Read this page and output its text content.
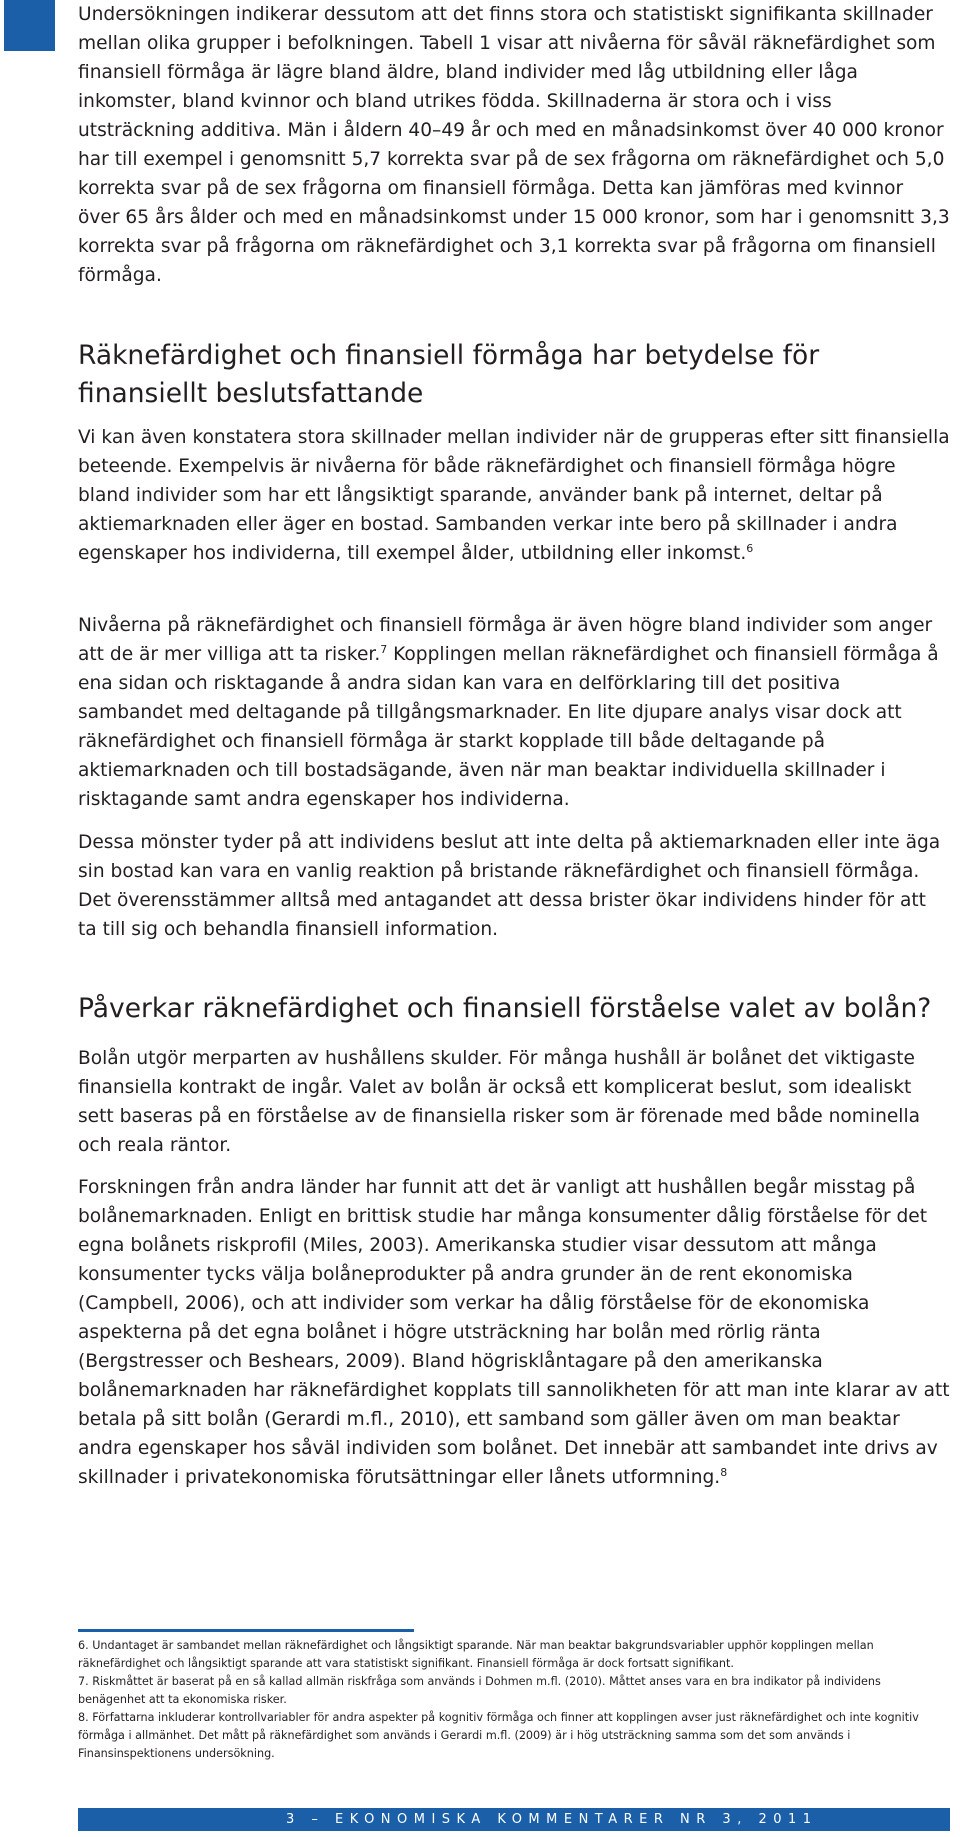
Undersökningen indikerar dessutom att det finns stora och statistiskt signifikanta skillnader mellan olika grupper i befolkningen. Tabell 1 visar att nivåerna för såväl räknefärdighet som finansiell förmåga är lägre bland äldre, bland individer med låg utbildning eller låga inkomster, bland kvinnor och bland utrikes födda. Skillnaderna är stora och i viss utsträckning additiva. Män i åldern 40–49 år och med en månadsinkomst över 40 000 kronor har till exempel i genomsnitt 5,7 korrekta svar på de sex frågorna om räknefärdighet och 5,0 korrekta svar på de sex frågorna om finansiell förmåga. Detta kan jämföras med kvinnor över 65 års ålder och med en månadsinkomst under 15 000 kronor, som har i genomsnitt 3,3 korrekta svar på frågorna om räknefärdighet och 3,1 korrekta svar på frågorna om finansiell förmåga.

Räknefärdighet och finansiell förmåga har betydelse för finansiellt beslutsfattande

Vi kan även konstatera stora skillnader mellan individer när de grupperas efter sitt finansiella beteende. Exempelvis är nivåerna för både räknefärdighet och finansiell förmåga högre bland individer som har ett långsiktigt sparande, använder bank på internet, deltar på aktiemarknaden eller äger en bostad. Sambanden verkar inte bero på skillnader i andra egenskaper hos individerna, till exempel ålder, utbildning eller inkomst.$^6$

Nivåerna på räknefärdighet och finansiell förmåga är även högre bland individer som anger att de är mer villiga att ta risker.$^7$ Kopplingen mellan räknefärdighet och finansiell förmåga å ena sidan och risktagande å andra sidan kan vara en delförklaring till det positiva sambandet med deltagande på tillgångsmarknader. En lite djupare analys visar dock att räknefärdighet och finansiell förmåga är starkt kopplade till både deltagande på aktiemarknaden och till bostadsägande, även när man beaktar individuella skillnader i risktagande samt andra egenskaper hos individerna.

Dessa mönster tyder på att individens beslut att inte delta på aktiemarknaden eller inte äga sin bostad kan vara en vanlig reaktion på bristande räknefärdighet och finansiell förmåga. Det överensstämmer alltså med antagandet att dessa brister ökar individens hinder för att ta till sig och behandla finansiell information.

Påverkar räknefärdighet och finansiell förståelse valet av bolån?

Bolån utgör merparten av hushållens skulder. För många hushåll är bolånet det viktigaste finansiella kontrakt de ingår. Valet av bolån är också ett komplicerat beslut, som idealiskt sett baseras på en förståelse av de finansiella risker som är förenade med både nominella och reala räntor.

Forskningen från andra länder har funnit att det är vanligt att hushållen begår misstag på bolånemarknaden. Enligt en brittisk studie har många konsumenter dålig förståelse för det egna bolånets riskprofil (Miles, 2003). Amerikanska studier visar dessutom att många konsumenter tycks välja bolåneprodukter på andra grunder än de rent ekonomiska (Campbell, 2006), och att individer som verkar ha dålig förståelse för de ekonomiska aspekterna på det egna bolånet i högre utsträckning har bolån med rörlig ränta (Bergstresser och Beshears, 2009). Bland högrisklåntagare på den amerikanska bolånemarknaden har räknefärdighet kopplats till sannolikheten för att man inte klarar av att betala på sitt bolån (Gerardi m.fl., 2010), ett samband som gäller även om man beaktar andra egenskaper hos såväl individen som bolånet. Det innebär att sambandet inte drivs av skillnader i privatekonomiska förutsättningar eller lånets utformning.$^8$

6. Undantaget är sambandet mellan räknefärdighet och långsiktigt sparande. När man beaktar bakgrundsvariabler upphör kopplingen mellan räknefärdighet och långsiktigt sparande att vara statistiskt signifikant. Finansiell förmåga är dock fortsatt signifikant.

7. Riskmåttet är baserat på en så kallad allmän riskfråga som används i Dohmen m.fl. (2010). Måttet anses vara en bra indikator på individens benägenhet att ta ekonomiska risker.

8. Författarna inkluderar kontrollvariabler för andra aspekter på kognitiv förmåga och finner att kopplingen avser just räknefärdighet och inte kognitiv förmåga i allmänhet. Det mått på räknefärdighet som används i Gerardi m.fl. (2009) är i hög utsträckning samma som det som används i Finansinspektionens undersökning.

3 – EKONOMISKA KOMMENTARER NR 3, 2011
